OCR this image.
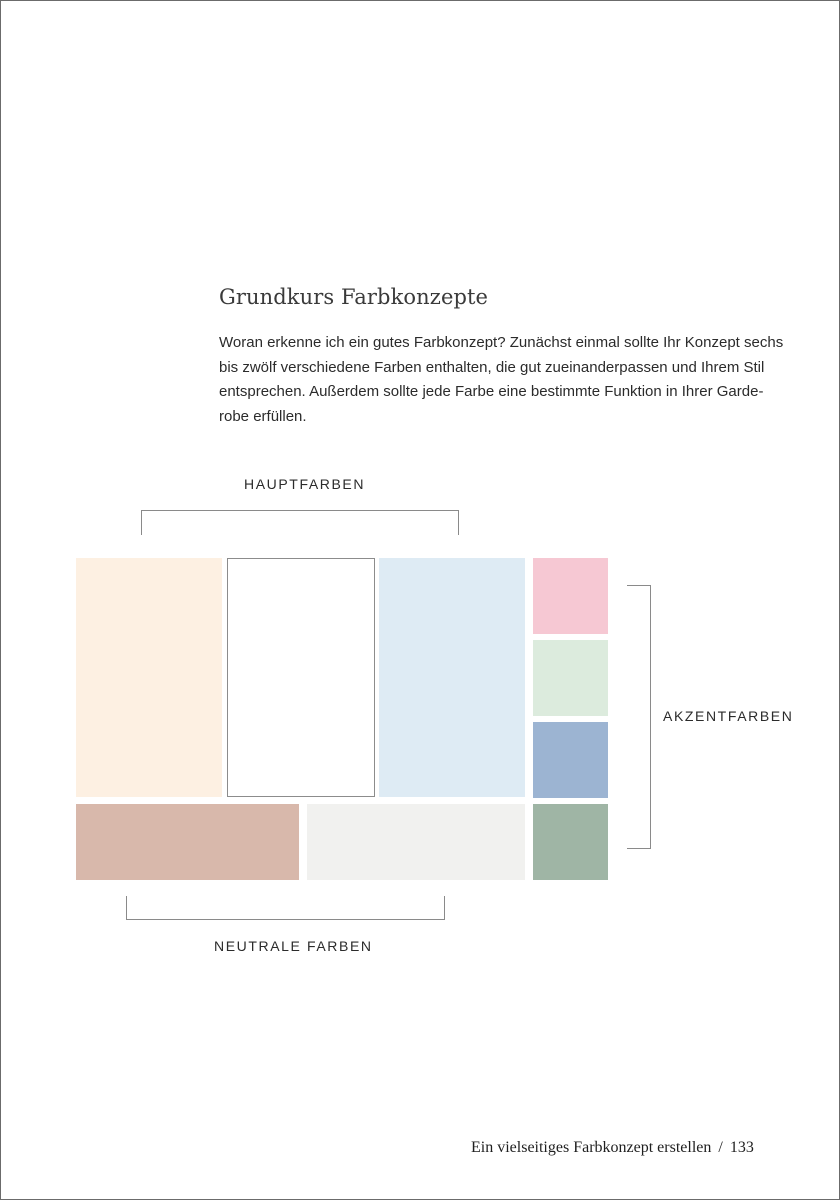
Grundkurs Farbkonzepte
Woran erkenne ich ein gutes Farbkonzept? Zunächst einmal sollte Ihr Konzept sechs
bis zwölf verschiedene Farben enthalten, die gut zueinanderpassen und Ihrem Stil
entsprechen. Außerdem sollte jede Farbe eine bestimmte Funktion in Ihrer Garde-
robe erfüllen.
HAUPTFARBEN
AKZENTFARBEN
NEUTRALE FARBEN
Ein vielseitiges Farbkonzept erstellen / 133
